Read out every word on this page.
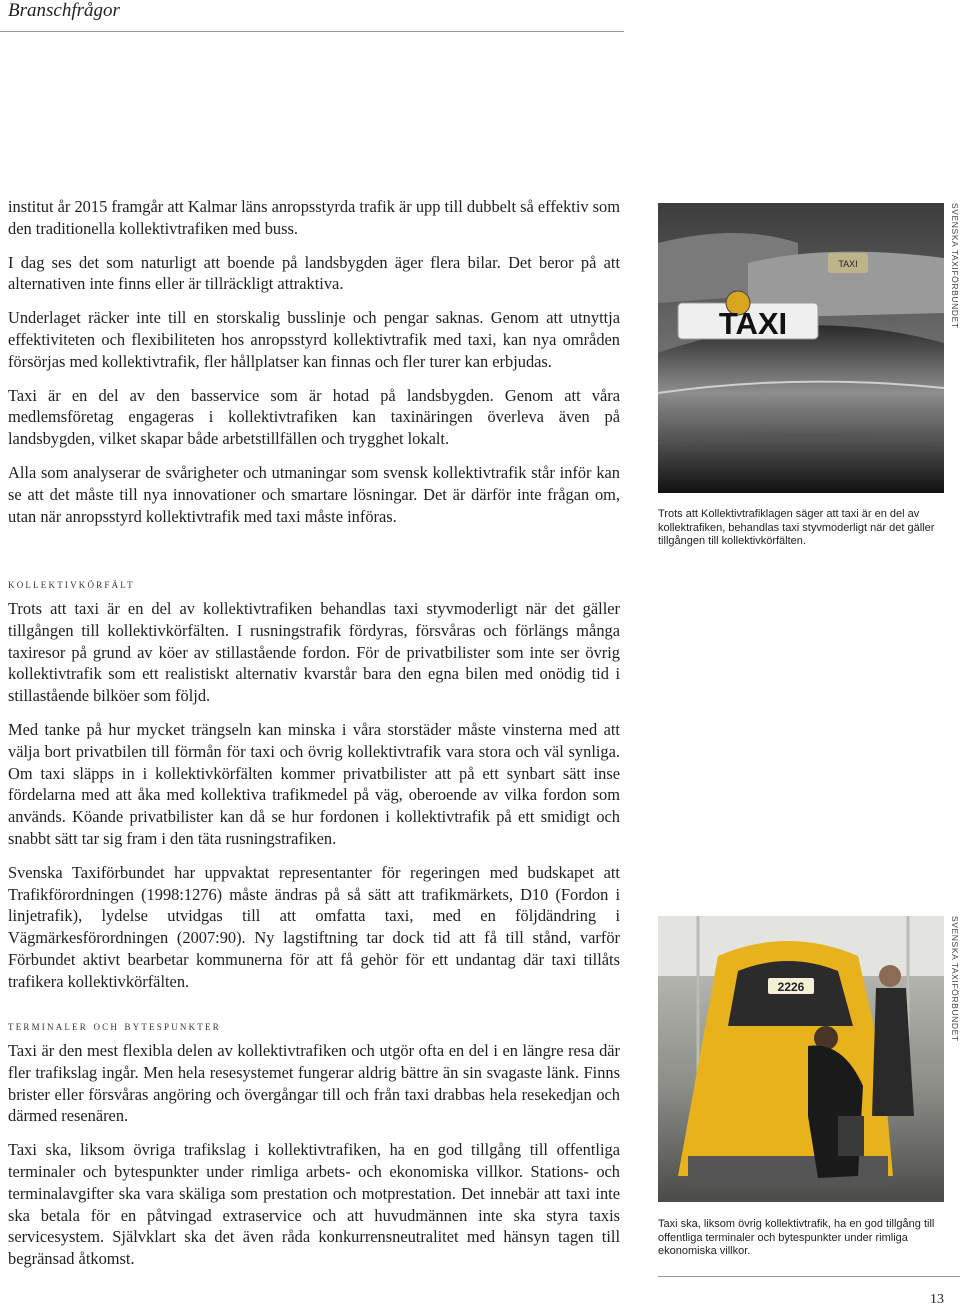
Branschfrågor

institut år 2015 framgår att Kalmar läns anropsstyrda trafik är upp till dubbelt så effektiv som den traditionella kollektivtrafiken med buss.

I dag ses det som naturligt att boende på landsbygden äger flera bilar. Det beror på att alternativen inte finns eller är tillräckligt attraktiva.

Underlaget räcker inte till en storskalig busslinje och pengar saknas. Genom att utnyttja effektiviteten och flexibiliteten hos anropsstyrd kollektivtrafik med taxi, kan nya områden försörjas med kollektivtrafik, fler hållplatser kan finnas och fler turer kan erbjudas.

Taxi är en del av den basservice som är hotad på landsbygden. Genom att våra medlemsföretag engageras i kollektivtrafiken kan taxinäringen överleva även på landsbygden, vilket skapar både arbetstillfällen och trygghet lokalt.

Alla som analyserar de svårigheter och utmaningar som svensk kollektivtrafik står inför kan se att det måste till nya innovationer och smartare lösningar. Det är därför inte frågan om, utan när anropsstyrd kollektivtrafik med taxi måste införas.

kollektivkörfält

Trots att taxi är en del av kollektivtrafiken behandlas taxi styvmoderligt när det gäller tillgången till kollektivkörfälten. I rusningstrafik fördyras, försvåras och förlängs många taxiresor på grund av köer av stillastående fordon. För de privatbilister som inte ser övrig kollektivtrafik som ett realistiskt alternativ kvarstår bara den egna bilen med onödig tid i stillastående bilköer som följd.

Med tanke på hur mycket trängseln kan minska i våra storstäder måste vinsterna med att välja bort privatbilen till förmån för taxi och övrig kollektivtrafik vara stora och väl synliga. Om taxi släpps in i kollektivkörfälten kommer privatbilister att på ett synbart sätt inse fördelarna med att åka med kollektiva trafikmedel på väg, oberoende av vilka fordon som används. Köande privatbilister kan då se hur fordonen i kollektivtrafik på ett smidigt och snabbt sätt tar sig fram i den täta rusningstrafiken.

Svenska Taxiförbundet har uppvaktat representanter för regeringen med budskapet att Trafikförordningen (1998:1276) måste ändras på så sätt att trafikmärkets, D10 (Fordon i linjetrafik), lydelse utvidgas till att omfatta taxi, med en följdändring i Vägmärkesförordningen (2007:90). Ny lagstiftning tar dock tid att få till stånd, varför Förbundet aktivt bearbetar kommunerna för att få gehör för ett undantag där taxi tillåts trafikera kollektivkörfälten.

terminaler och bytespunkter

Taxi är den mest flexibla delen av kollektivtrafiken och utgör ofta en del i en längre resa där fler trafikslag ingår. Men hela resesystemet fungerar aldrig bättre än sin svagaste länk. Finns brister eller försvåras angöring och övergångar till och från taxi drabbas hela resekedjan och därmed resenären.

Taxi ska, liksom övriga trafikslag i kollektivtrafiken, ha en god tillgång till offentliga terminaler och bytespunkter under rimliga arbets- och ekonomiska villkor. Stations- och terminalavgifter ska vara skäliga som prestation och motprestation. Det innebär att taxi inte ska betala för en påtvingad extraservice och att huvudmännen inte ska styra taxis servicesystem. Självklart ska det även råda konkurrensneutralitet med hänsyn tagen till begränsad åtkomst.

TAXI
TAXI	SVENSKA TAXIFÖRBUNDET
Trots att Kollektivtrafiklagen säger att taxi är en del av kollektrafiken, behandlas taxi styvmoderligt när det gäller tillgången till kollektivkörfälten.
2226	SVENSKA TAXIFÖRBUNDET
Taxi ska, liksom övrig kollektivtrafik, ha en god tillgång till offentliga terminaler och bytespunkter under rimliga ekonomiska villkor.
13
